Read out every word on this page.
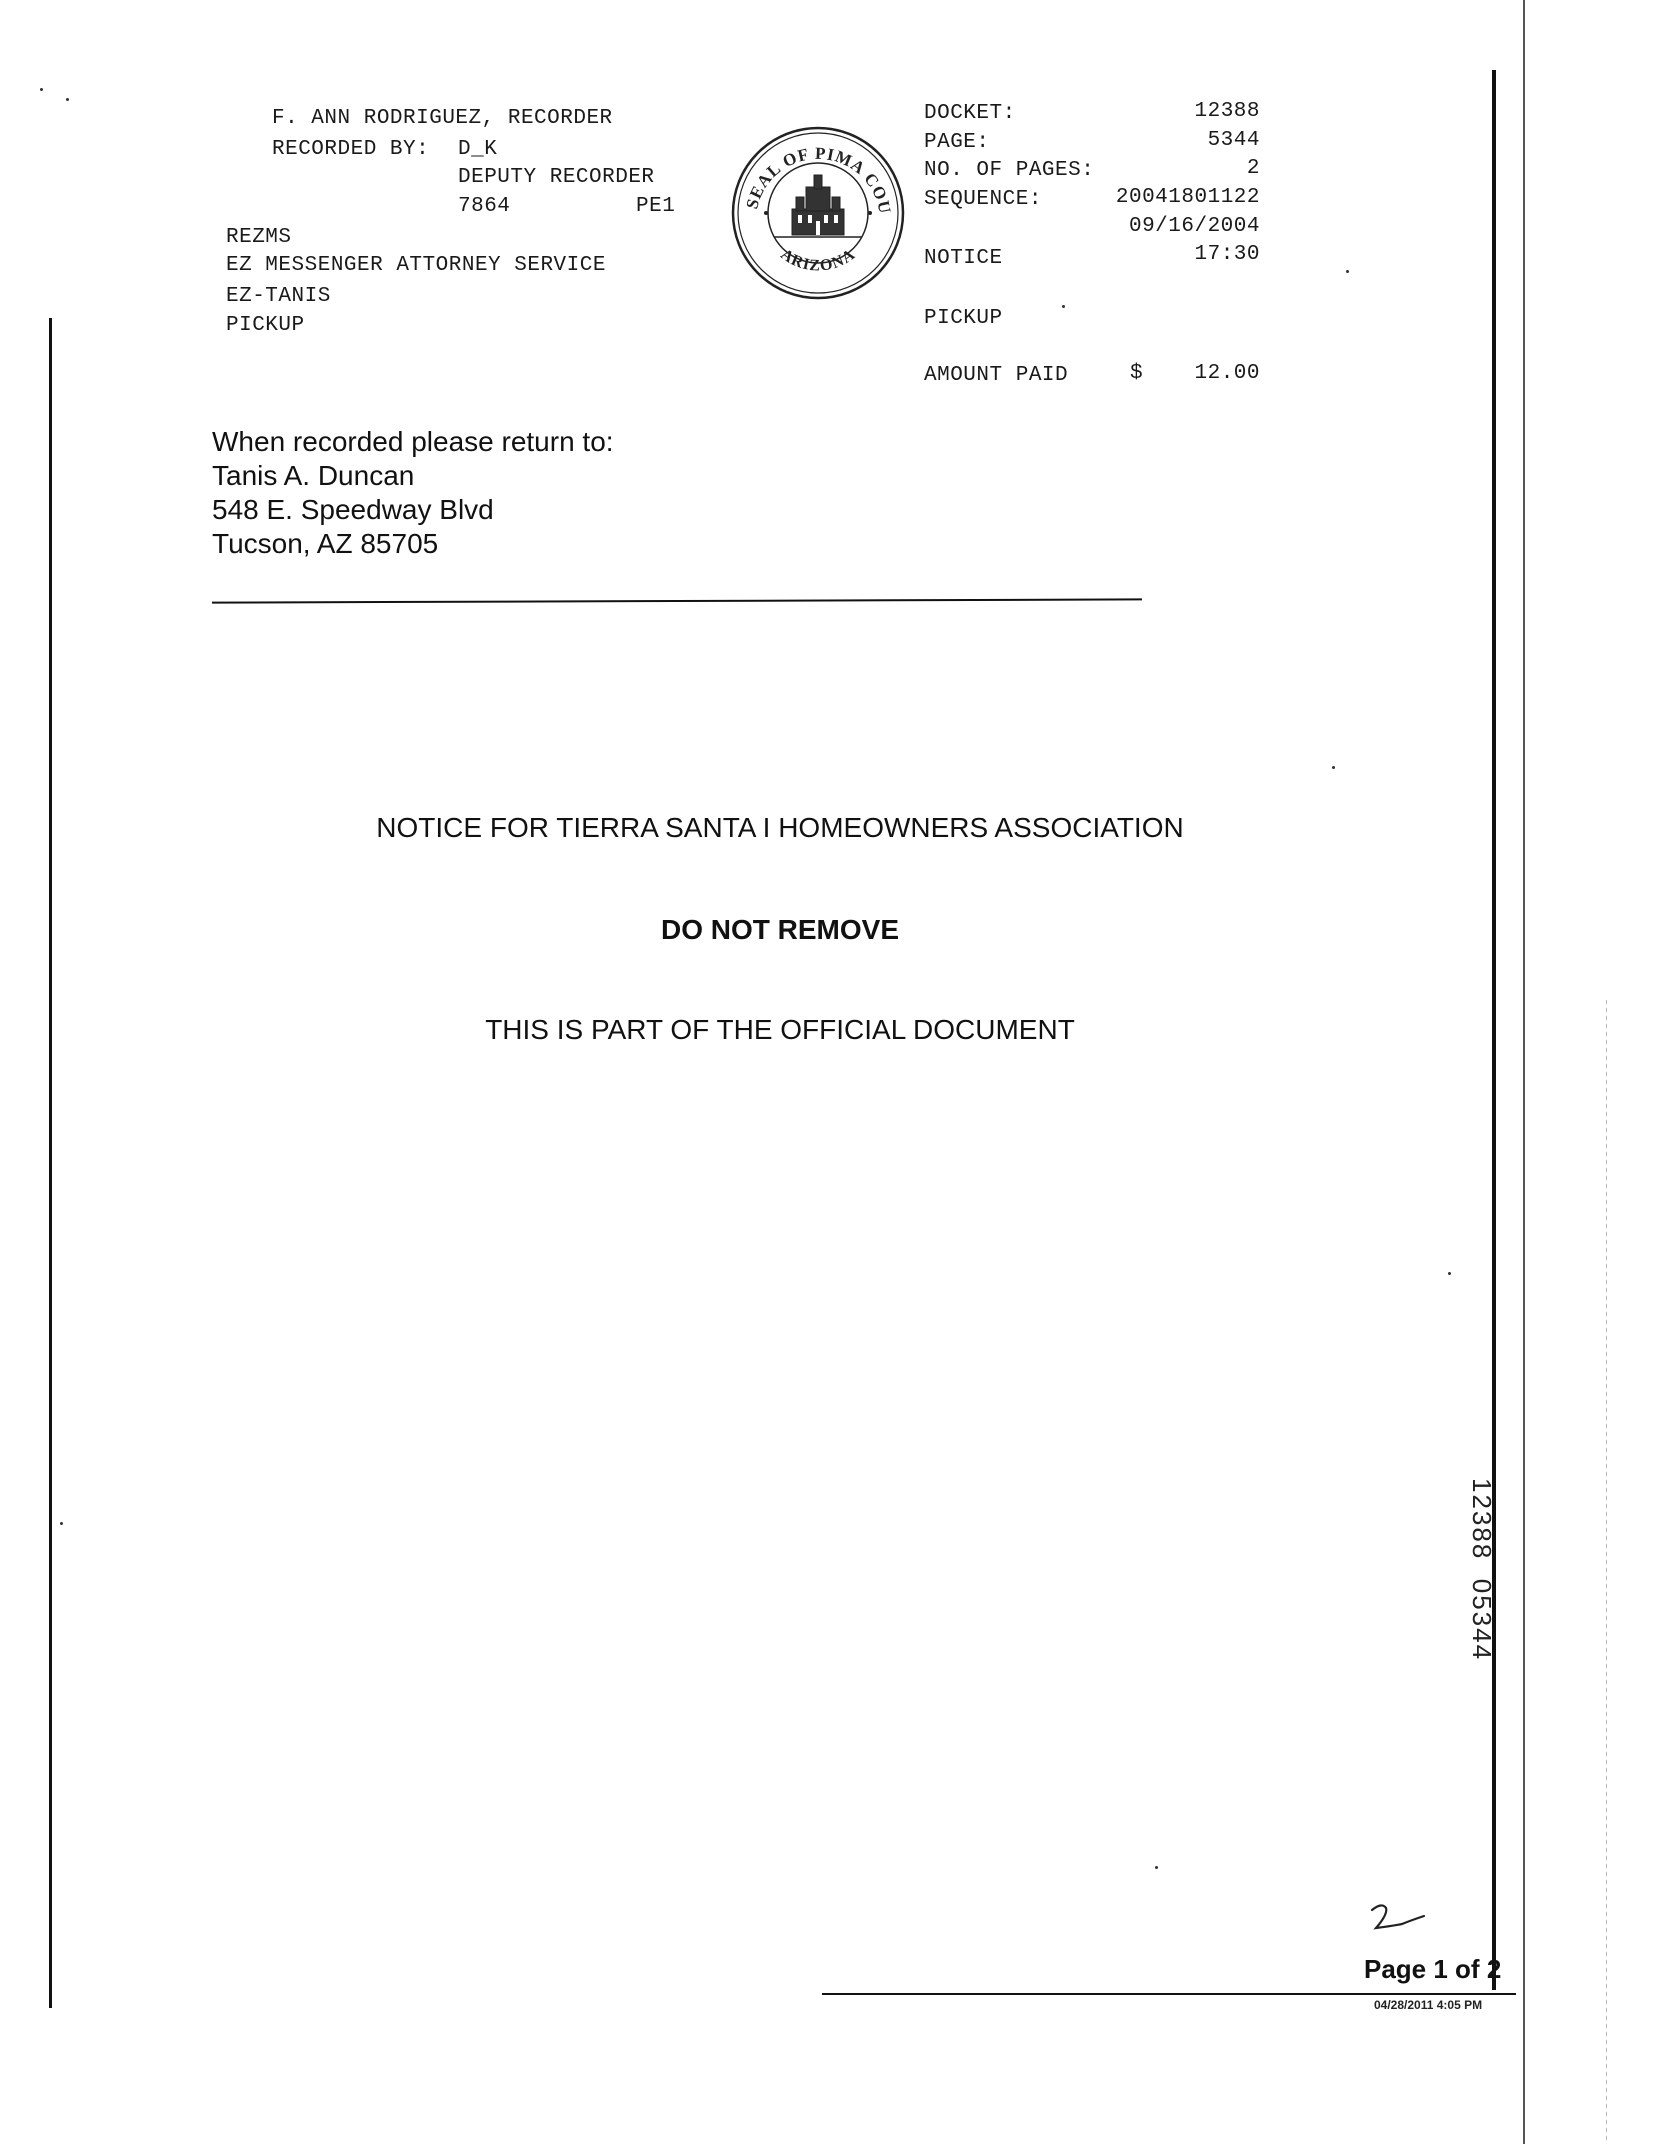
F. ANN RODRIGUEZ, RECORDER
RECORDED BY: D_K
DEPUTY RECORDER
7864	PE1
REZMS
EZ MESSENGER ATTORNEY SERVICE
EZ-TANIS
PICKUP
SEAL OF PIMA COU
ARIZONA
DOCKET:	12388
PAGE:	5344
NO. OF PAGES:	2
SEQUENCE:	20041801122
09/16/2004
NOTICE	17:30
PICKUP
AMOUNT PAID	$	12.00
When recorded please return to:
Tanis A. Duncan
548 E. Speedway Blvd
Tucson, AZ 85705
NOTICE FOR TIERRA SANTA I HOMEOWNERS ASSOCIATION
DO NOT REMOVE
THIS IS PART OF THE OFFICIAL DOCUMENT
12388  05344
Page 1 of 2
04/28/2011 4:05 PM
